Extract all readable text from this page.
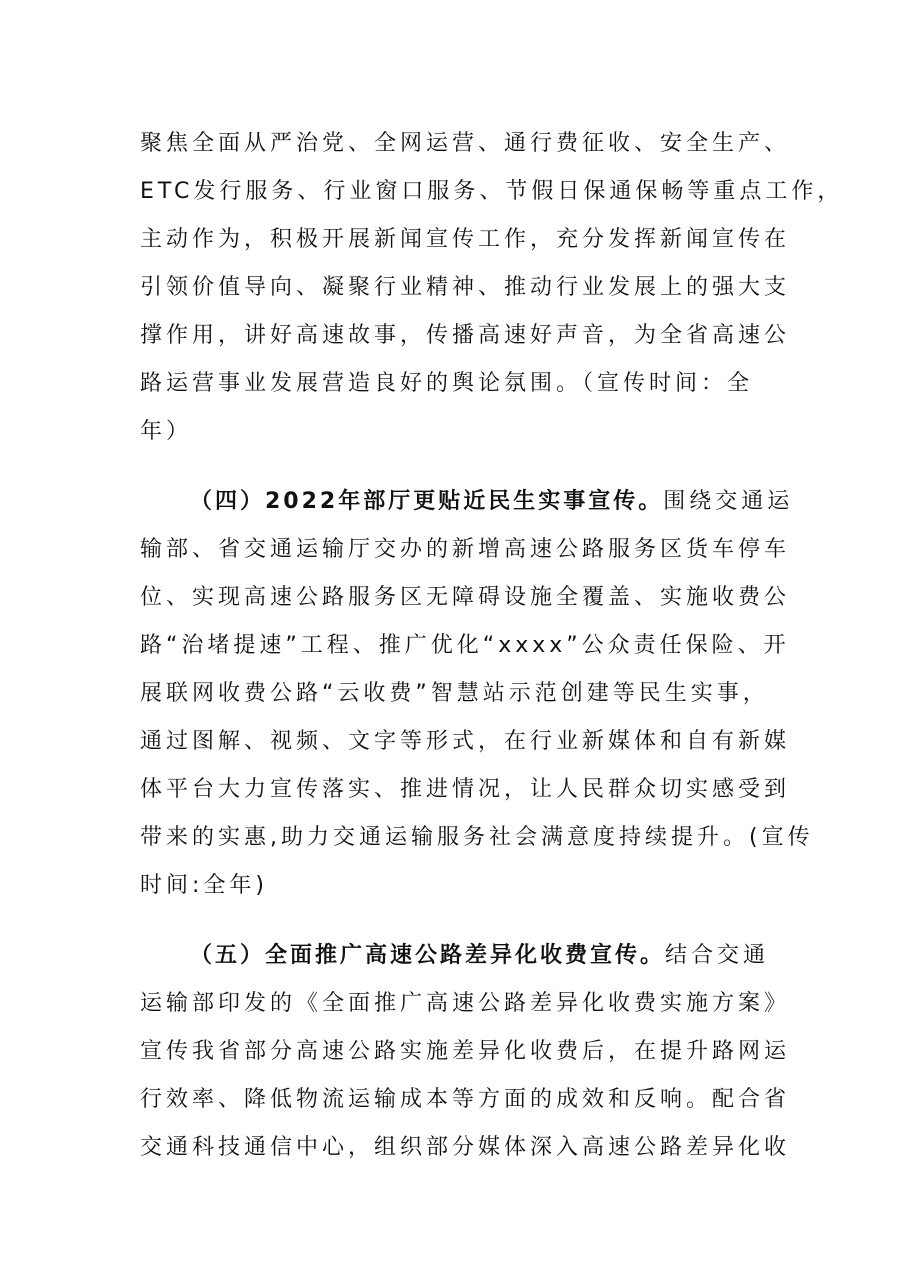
聚焦全面从严治党、全网运营、通行费征收、安全生产、
ETC发行服务、行业窗口服务、节假日保通保畅等重点工作，
主动作为，积极开展新闻宣传工作，充分发挥新闻宣传在
引领价值导向、凝聚行业精神、推动行业发展上的强大支
撑作用，讲好高速故事，传播高速好声音，为全省高速公
路运营事业发展营造良好的舆论氛围。（宣传时间：全
年）
（四）2022年部厅更贴近民生实事宣传。围绕交通运
输部、省交通运输厅交办的新增高速公路服务区货车停车
位、实现高速公路服务区无障碍设施全覆盖、实施收费公
路“治堵提速”工程、推广优化“xxxx”公众责任保险、开
展联网收费公路“云收费”智慧站示范创建等民生实事，
通过图解、视频、文字等形式，在行业新媒体和自有新媒
体平台大力宣传落实、推进情况，让人民群众切实感受到
带来的实惠,助力交通运输服务社会满意度持续提升。(宣传
时间:全年)
（五）全面推广高速公路差异化收费宣传。结合交通
运输部印发的《全面推广高速公路差异化收费实施方案》
宣传我省部分高速公路实施差异化收费后，在提升路网运
行效率、降低物流运输成本等方面的成效和反响。配合省
交通科技通信中心，组织部分媒体深入高速公路差异化收
